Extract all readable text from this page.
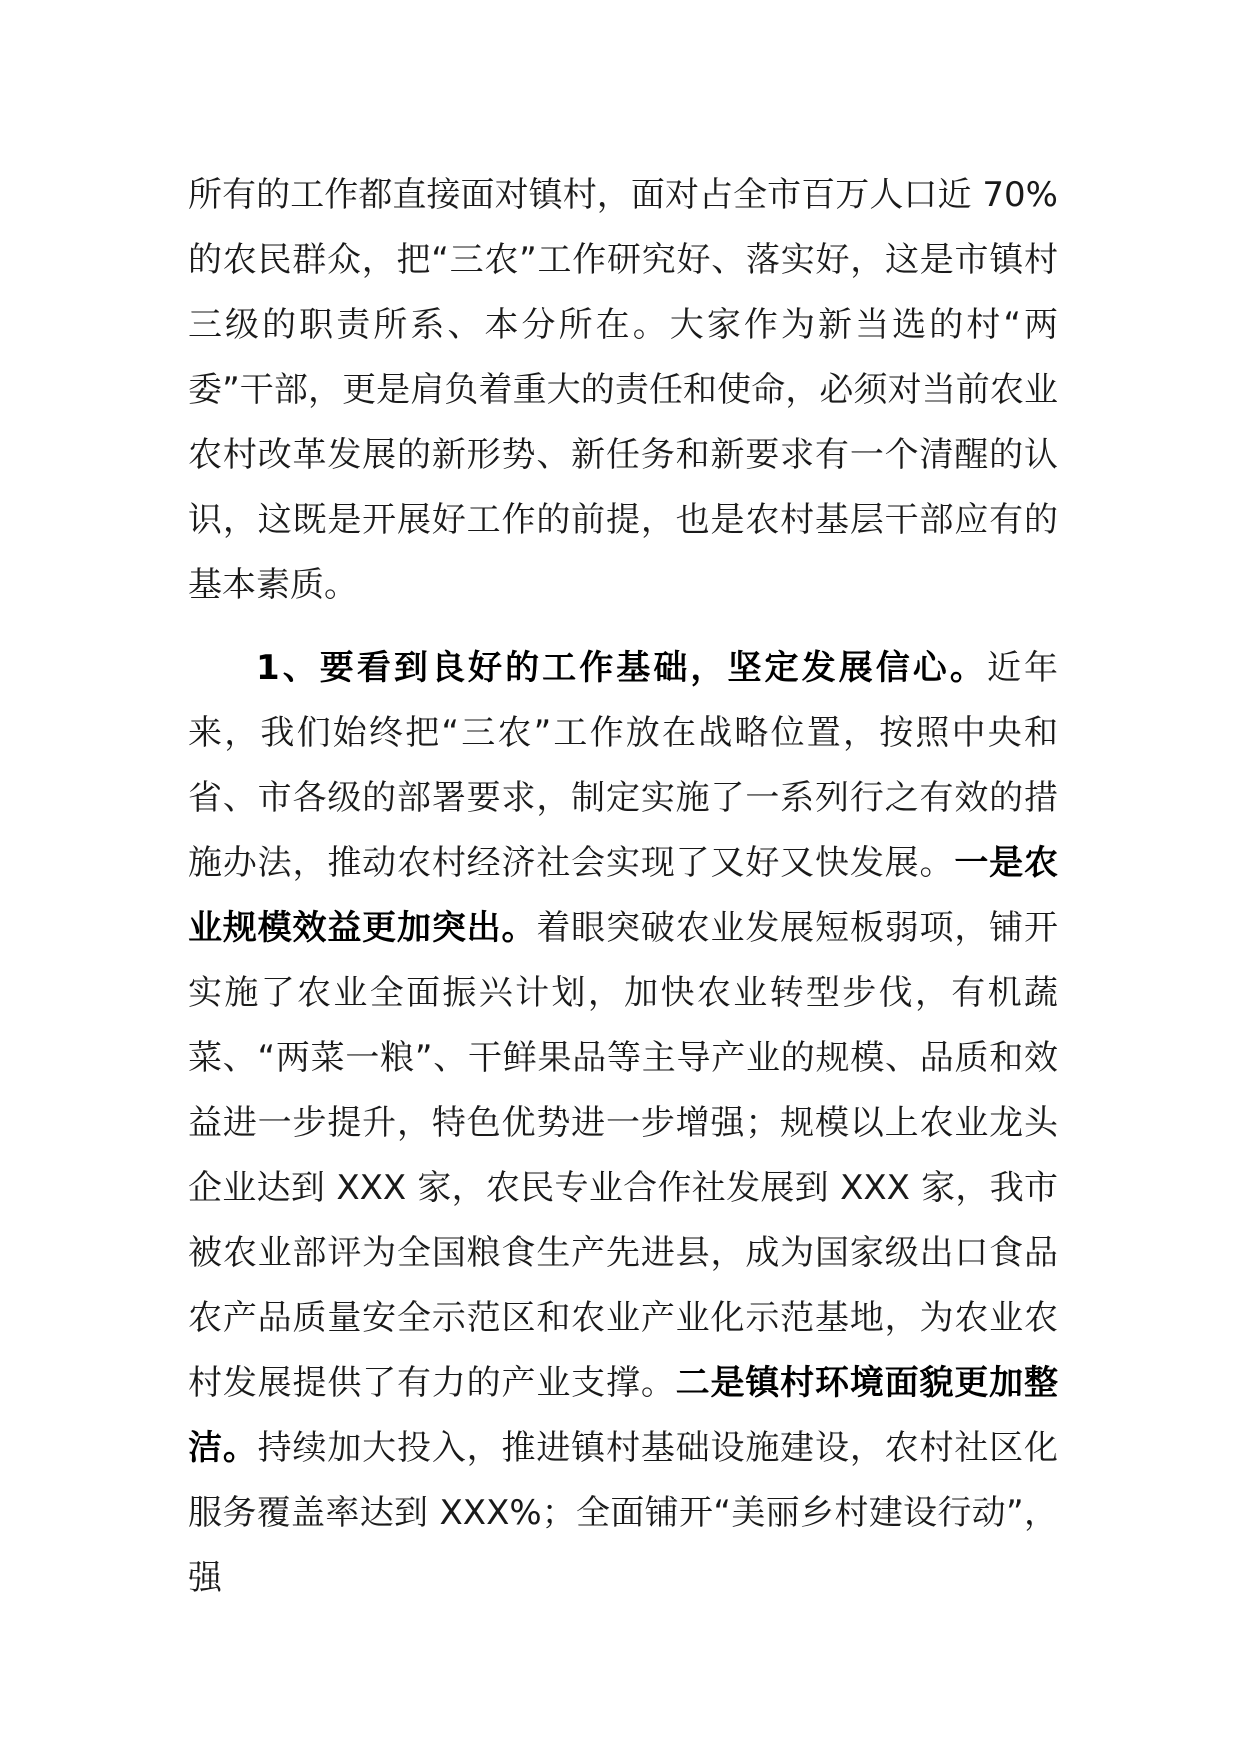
所有的工作都直接面对镇村，面对占全市百万人口近 70%的农民群众，把“三农”工作研究好、落实好，这是市镇村三级的职责所系、本分所在。大家作为新当选的村“两委”干部，更是肩负着重大的责任和使命，必须对当前农业农村改革发展的新形势、新任务和新要求有一个清醒的认识，这既是开展好工作的前提，也是农村基层干部应有的基本素质。

1、要看到良好的工作基础，坚定发展信心。近年来，我们始终把“三农”工作放在战略位置，按照中央和省、市各级的部署要求，制定实施了一系列行之有效的措施办法，推动农村经济社会实现了又好又快发展。一是农业规模效益更加突出。着眼突破农业发展短板弱项，铺开实施了农业全面振兴计划，加快农业转型步伐，有机蔬菜、“两菜一粮”、干鲜果品等主导产业的规模、品质和效益进一步提升，特色优势进一步增强；规模以上农业龙头企业达到 XXX 家，农民专业合作社发展到 XXX 家，我市被农业部评为全国粮食生产先进县，成为国家级出口食品农产品质量安全示范区和农业产业化示范基地，为农业农村发展提供了有力的产业支撑。二是镇村环境面貌更加整洁。持续加大投入，推进镇村基础设施建设，农村社区化服务覆盖率达到 XXX%；全面铺开“美丽乡村建设行动”，强
